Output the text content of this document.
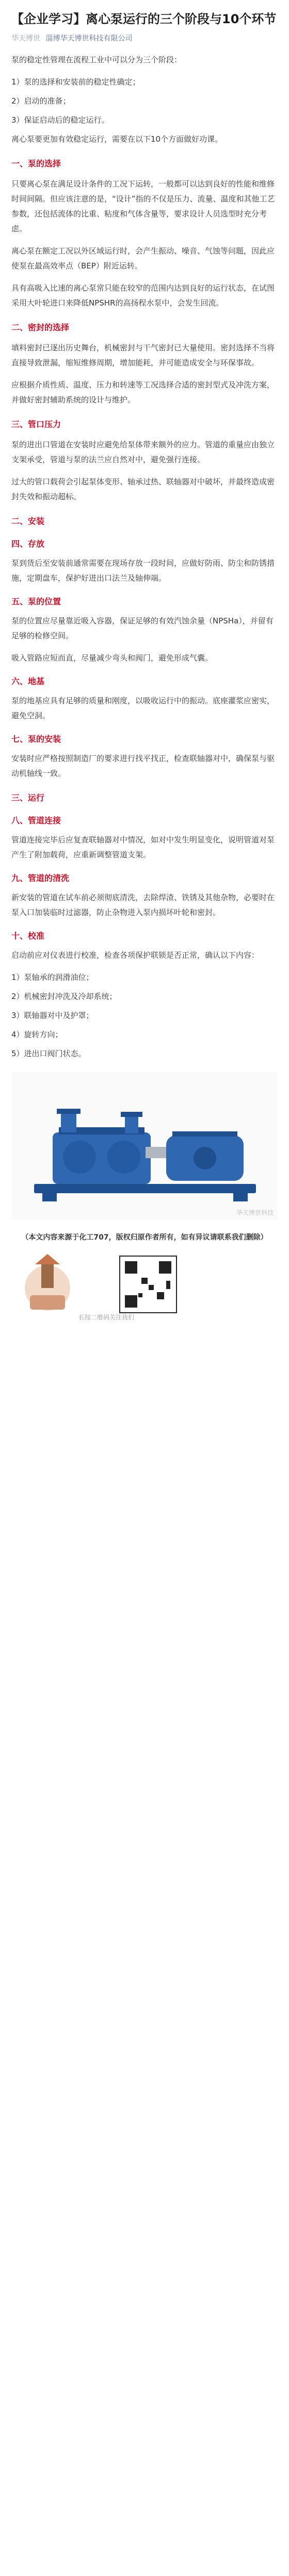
【企业学习】离心泵运行的三个阶段与10个环节
华天博世 淄博华天博世科技有限公司

泵的稳定性管理在流程工业中可以分为三个阶段：

1）泵的选择和安装前的稳定性确定；

2）启动的准备；

3）保证启动后的稳定运行。

离心泵要更加有效稳定运行，需要在以下10个方面做好功课。

一、泵的选择

只要离心泵在满足设计条件的工况下运转，一般都可以达到良好的性能和维修时间间隔。但应该注意的是，“设计”指的不仅是压力、流量、温度和其他工艺参数，还包括流体的比重、粘度和气体含量等，要求设计人员选型时充分考虑。

离心泵在额定工况以外区域运行时，会产生振动、噪音、气蚀等问题，因此应使泵在最高效率点（BEP）附近运转。

具有高吸入比速的离心泵常只能在较窄的范围内达到良好的运行状态，在试图采用大叶轮进口来降低NPSHR的高扬程水泵中，会发生回流。

二、密封的选择

填料密封已逐出历史舞台，机械密封与干气密封已大量使用。密封选择不当将直接导致泄漏，缩短维修周期，增加能耗，并可能造成安全与环保事故。

应根据介质性质、温度、压力和转速等工况选择合适的密封型式及冲洗方案，并做好密封辅助系统的设计与维护。

三、管口压力

泵的进出口管道在安装时应避免给泵体带来额外的应力。管道的重量应由独立支架承受，管道与泵的法兰应自然对中，避免强行连接。

过大的管口载荷会引起泵体变形、轴承过热、联轴器对中破坏，并最终造成密封失效和振动超标。

二、安装
四、存放

泵到货后至安装前通常需要在现场存放一段时间，应做好防雨、防尘和防锈措施，定期盘车，保护好进出口法兰及轴伸端。

五、泵的位置

泵的位置应尽量靠近吸入容器，保证足够的有效汽蚀余量（NPSHa），并留有足够的检修空间。

吸入管路应短而直，尽量减少弯头和阀门，避免形成气囊。

六、地基

泵的地基应具有足够的质量和刚度，以吸收运行中的振动。底座灌浆应密实，避免空洞。

七、泵的安装

安装时应严格按照制造厂的要求进行找平找正，检查联轴器对中，确保泵与驱动机轴线一致。

三、运行
八、管道连接

管道连接完毕后应复查联轴器对中情况，如对中发生明显变化，说明管道对泵产生了附加载荷，应重新调整管道支架。

九、管道的清洗

新安装的管道在试车前必须彻底清洗，去除焊渣、铁锈及其他杂物，必要时在泵入口加装临时过滤器，防止杂物进入泵内损坏叶轮和密封。

十、校准

启动前应对仪表进行校准，检查各项保护联锁是否正常，确认以下内容：

1）泵轴承的润滑油位；

2）机械密封冲洗及冷却系统；

3）联轴器对中及护罩；

4）旋转方向；

5）进出口阀门状态。

华天博世科技
（本文内容来源于化工707，版权归原作者所有，如有异议请联系我们删除）
长按二维码关注我们
